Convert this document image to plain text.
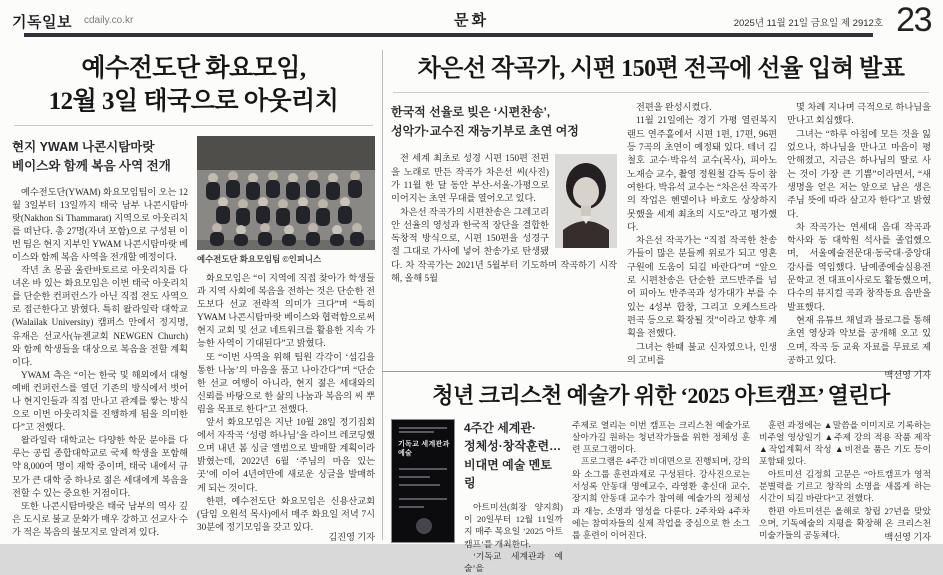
기독일보 cdaily.co.kr	문화	2025년 11월 21일 금요일 제 2912호 23
예수전도단 화요모임,
12월 3일 태국으로 아웃리치
현지 YWAM 나콘시탐마랏
베이스와 함께 복음 사역 전개

예수전도단(YWAM) 화요모임팀이 오는 12월 3일부터 13일까지 태국 남부 나콘시탐마랏(Nakhon Si Thammarat) 지역으로 아웃리치를 떠난다. 총 27명(자녀 포함)으로 구성된 이번 팀은 현지 지부인 YWAM 나콘시탐마랏 베이스와 함께 복음 사역을 전개할 예정이다.

작년 초 몽골 울란바토르로 아웃리치를 다녀온 바 있는 화요모임은 이번 태국 아웃리치를 단순한 컨퍼런스가 아닌 직접 전도 사역으로 접근한다고 밝혔다. 특히 왈라일락 대학교(Walailak University) 캠퍼스 안에서 정지명, 유재은 선교사(뉴젠교회 NEWGEN Church)와 함께 학생들을 대상으로 복음을 전할 계획이다.

YWAM 측은 “이는 한국 및 해외에서 대형 예배 컨퍼런스를 열던 기존의 방식에서 벗어나 현지인들과 직접 만나고 관계를 쌓는 방식으로 이번 아웃리치를 진행하게 됨을 의미한다”고 전했다.

왈라일락 대학교는 다양한 학문 분야를 다루는 공립 종합대학교로 국제 학생을 포함해 약 8,000여 명이 재학 중이며, 태국 내에서 규모가 큰 대학 중 하나로 젊은 세대에게 복음을 전할 수 있는 중요한 거점이다.

또한 나콘시탐마랏은 태국 남부의 역사 깊은 도시로 불교 문화가 매우 강하고 선교사 수가 적은 복음의 불모지로 알려져 있다.

예수전도단 화요모임팀 ©인피니스

화요모임은 “이 지역에 직접 찾아가 학생들과 지역 사회에 복음을 전하는 것은 단순한 전도보다 선교 전략적 의미가 크다”며 “특히 YWAM 나콘시탐마랏 베이스와 협력함으로써 현지 교회 및 선교 네트워크를 활용한 지속 가능한 사역이 기대된다”고 밝혔다.

또 “이번 사역을 위해 팀원 각각이 ‘섬김을 통한 나눔’의 마음을 품고 나아간다”며 “단순한 선교 여행이 아니라, 현지 젊은 세대와의 신뢰를 바탕으로 한 삶의 나눔과 복음의 씨 뿌림을 목표로 한다”고 전했다.

앞서 화요모임은 지난 10월 28일 정기집회에서 자작곡 ‘성령 하나님’을 라이브 레코딩했으며 내년 봄 싱글 앨범으로 발매할 계획이라 밝혔는데, 2022년 6월 ‘주님의 마음 있는 곳’에 이어 4년여만에 새로운 싱글을 발매하게 되는 것이다.

한편, 예수전도단 화요모임은 신용산교회(담임 오원석 목사)에서 매주 화요일 저녁 7시 30분에 정기모임을 갖고 있다.

김진영 기자
차은선 작곡가, 시편 150편 전곡에 선율 입혀 발표
한국적 선율로 빚은 ‘시편찬송’,
성악가·교수진 재능기부로 초연 여정

전 세계 최초로 성경 시편 150편 전편을 노래로 만든 작곡가 차은선 씨(사진)가 11월 한 달 동안 부산-서울-가평으로 이어지는 초연 무대를 열어오고 있다.

차은선 작곡가의 시편찬송은 그레고리안 선율의 영성과 한국적 장단을 결합한 독창적 방식으로, 시편 150편을 성경구절 그대로 가사에 넣어 찬송가로 탄생됐다. 차 작곡가는 2021년 5월부터 기도하며 작곡하기 시작해, 올해 5월

전편을 완성시켰다.

11월 21일에는 경기 가평 열린복지랜드 연주홀에서 시편 1편, 17편, 96편 등 7곡의 초연이 예정돼 있다. 테너 김철호 교수·박유석 교수(목사), 피아노 노재승 교수, 촬영 정원철 감독 등이 참여한다. 박유석 교수는 “차은선 작곡가의 작업은 헨델이나 바흐도 상상하지 못했을 세계 최초의 시도”라고 평가했다.

차은선 작곡가는 “직접 작곡한 찬송가들이 많은 분들께 위로가 되고 영혼구원에 도움이 되길 바란다”며 “앞으로 시편찬송은 단순한 코드반주를 넘어 피아노 반주곡과 성가대가 부를 수 있는 4성부 합창, 그리고 오케스트라 편곡 등으로 확장될 것”이라고 향후 계획을 전했다.

그녀는 한때 불교 신자였으나, 인생의 고비를

몇 차례 지나며 극적으로 하나님을 만나고 회심했다.

그녀는 “하루 아침에 모든 것을 잃었으나, 하나님을 만나고 마음이 평안해졌고, 지금은 하나님의 딸로 사는 것이 가장 큰 기쁨”이라면서, “새 생명을 얻은 저는 앞으로 남은 생은 주님 뜻에 따라 살고자 한다”고 밝혔다.

차 작곡가는 연세대 음대 작곡과 학사와 동 대학원 석사를 졸업했으며, 서울예술전문대·동국대·중앙대 강사를 역임했다. 남예종예술실용전문학교 전 대표이사로도 활동했으며, 다수의 뮤지컬 곡과 창작동요 음반을 발표했다.

현재 유튜브 채널과 블로그를 통해 초연 영상과 악보를 공개해 오고 있으며, 작곡 등 교육 자료를 무료로 제공하고 있다.

백선영 기자
청년 크리스천 예술가 위한 ‘2025 아트캠프’ 열린다
기독교 세계관과 예술
4주간 세계관·
정체성·창작훈련…
비대면 예술 멘토링

아트미션(회장 양지희)이 20일부터 12월 11일까지 매주 목요일 ‘2025 아트캠프’를 개최한다.

‘기독교 세계관과 예술’을

주제로 열리는 이번 캠프는 크리스천 예술가로 살아가길 원하는 청년작가들을 위한 정체성 훈련 프로그램이다.

프로그램은 4주간 비대면으로 진행되며, 강의와 소그룹 훈련과제로 구성된다. 강사진으로는 서성록 안동대 명예교수, 라영환 총신대 교수, 장지희 안동대 교수가 참여해 예술가의 정체성과 재능, 소명과 영성을 다룬다. 2주차와 4주차에는 참여자들의 실제 작업을 중심으로 한 소그룹 훈련이 이어진다.

훈련 과정에는 ▲말씀을 이미지로 기록하는 비주얼 영상일기 ▲주제 강의 적용 작품 제작 ▲작업계획서 작성 ▲비전을 품은 기도 등이 포함돼 있다.

아트미션 김정희 고문은 “아트캠프가 영적 분별력을 기르고 창작의 소명을 새롭게 하는 시간이 되길 바란다”고 전했다.

한편 아트미션은 올해로 창립 27년을 맞았으며, 기독예술의 지평을 확장해 온 크리스천 미술가들의 공동체다.	백선영 기자
